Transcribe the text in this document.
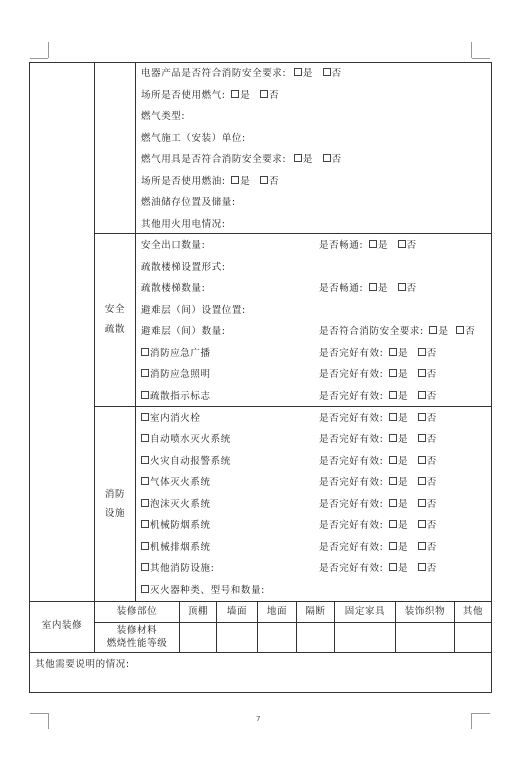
电器产品是否符合消防安全要求: 是 否
场所是否使用燃气: 是 否
燃气类型:
燃气施工（安装）单位:
燃气用具是否符合消防安全要求: 是 否
场所是否使用燃油: 是 否
燃油储存位置及储量:
其他用火用电情况:
安全
疏散
安全出口数量:	是否畅通: 是 否
疏散楼梯设置形式:
疏散楼梯数量:	是否畅通: 是 否
避难层（间）设置位置:
避难层（间）数量:	是否符合消防安全要求: 是 否
消防应急广播	是否完好有效: 是 否
消防应急照明	是否完好有效: 是 否
疏散指示标志	是否完好有效: 是 否
消防
设施
室内消火栓	是否完好有效: 是 否
自动喷水灭火系统	是否完好有效: 是 否
火灾自动报警系统	是否完好有效: 是 否
气体灭火系统	是否完好有效: 是 否
泡沫灭火系统	是否完好有效: 是 否
机械防烟系统	是否完好有效: 是 否
机械排烟系统	是否完好有效: 是 否
其他消防设施:	是否完好有效: 是 否
灭火器种类、型号和数量:
室内装修
装修部位	顶棚	墙面	地面	隔断	固定家具	装饰织物	其他
装修材料
燃烧性能等级
其他需要说明的情况:
7
